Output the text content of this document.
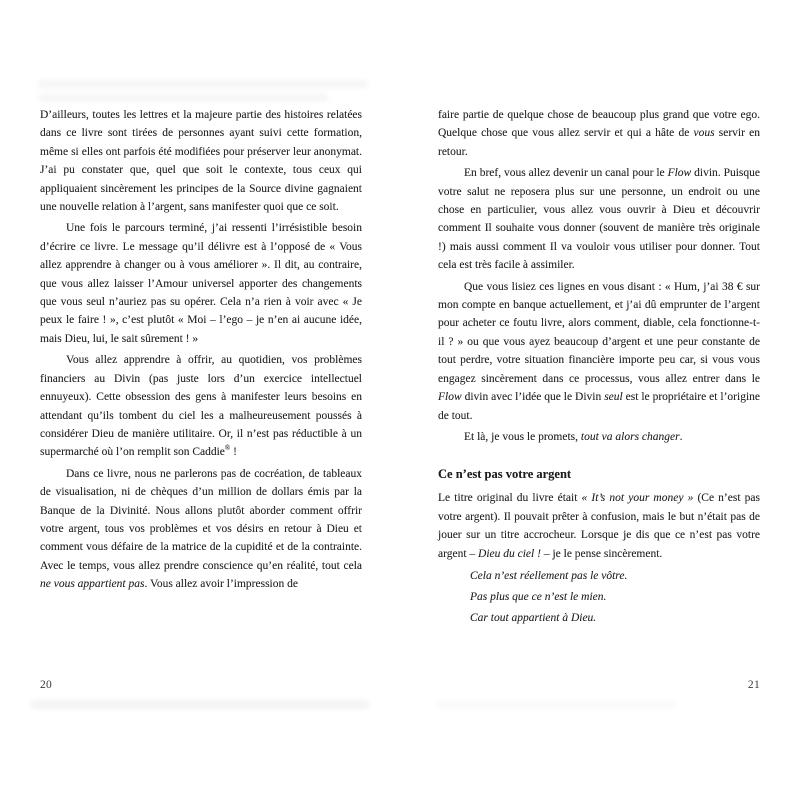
D’ailleurs, toutes les lettres et la majeure partie des histoires relatées dans ce livre sont tirées de personnes ayant suivi cette formation, même si elles ont parfois été modifiées pour préserver leur anonymat. J’ai pu constater que, quel que soit le contexte, tous ceux qui appliquaient sincèrement les principes de la Source divine gagnaient une nouvelle relation à l’argent, sans manifester quoi que ce soit.

Une fois le parcours terminé, j’ai ressenti l’irrésistible besoin d’écrire ce livre. Le message qu’il délivre est à l’opposé de « Vous allez apprendre à changer ou à vous améliorer ». Il dit, au contraire, que vous allez laisser l’Amour universel apporter des changements que vous seul n’auriez pas su opérer. Cela n’a rien à voir avec « Je peux le faire ! », c’est plutôt « Moi – l’ego – je n’en ai aucune idée, mais Dieu, lui, le sait sûrement ! »

Vous allez apprendre à offrir, au quotidien, vos problèmes financiers au Divin (pas juste lors d’un exercice intellectuel ennuyeux). Cette obsession des gens à manifester leurs besoins en attendant qu’ils tombent du ciel les a malheureusement poussés à considérer Dieu de manière utilitaire. Or, il n’est pas réductible à un supermarché où l’on remplit son Caddie® !

Dans ce livre, nous ne parlerons pas de cocréation, de tableaux de visualisation, ni de chèques d’un million de dollars émis par la Banque de la Divinité. Nous allons plutôt aborder comment offrir votre argent, tous vos problèmes et vos désirs en retour à Dieu et comment vous défaire de la matrice de la cupidité et de la contrainte. Avec le temps, vous allez prendre conscience qu’en réalité, tout cela ne vous appartient pas. Vous allez avoir l’impression de

faire partie de quelque chose de beaucoup plus grand que votre ego. Quelque chose que vous allez servir et qui a hâte de vous servir en retour.

En bref, vous allez devenir un canal pour le Flow divin. Puisque votre salut ne reposera plus sur une personne, un endroit ou une chose en particulier, vous allez vous ouvrir à Dieu et découvrir comment Il souhaite vous donner (souvent de manière très originale !) mais aussi comment Il va vouloir vous utiliser pour donner. Tout cela est très facile à assimiler.

Que vous lisiez ces lignes en vous disant : « Hum, j’ai 38 € sur mon compte en banque actuellement, et j’ai dû emprunter de l’argent pour acheter ce foutu livre, alors comment, diable, cela fonctionne-t-il ? » ou que vous ayez beaucoup d’argent et une peur constante de tout perdre, votre situation financière importe peu car, si vous vous engagez sincèrement dans ce processus, vous allez entrer dans le Flow divin avec l’idée que le Divin seul est le propriétaire et l’origine de tout.

Et là, je vous le promets, tout va alors changer.

Ce n’est pas votre argent

Le titre original du livre était « It’s not your money » (Ce n’est pas votre argent). Il pouvait prêter à confusion, mais le but n’était pas de jouer sur un titre accrocheur. Lorsque je dis que ce n’est pas votre argent – Dieu du ciel ! – je le pense sincèrement.

Cela n’est réellement pas le vôtre.
Pas plus que ce n’est le mien.
Car tout appartient à Dieu.
20	21
